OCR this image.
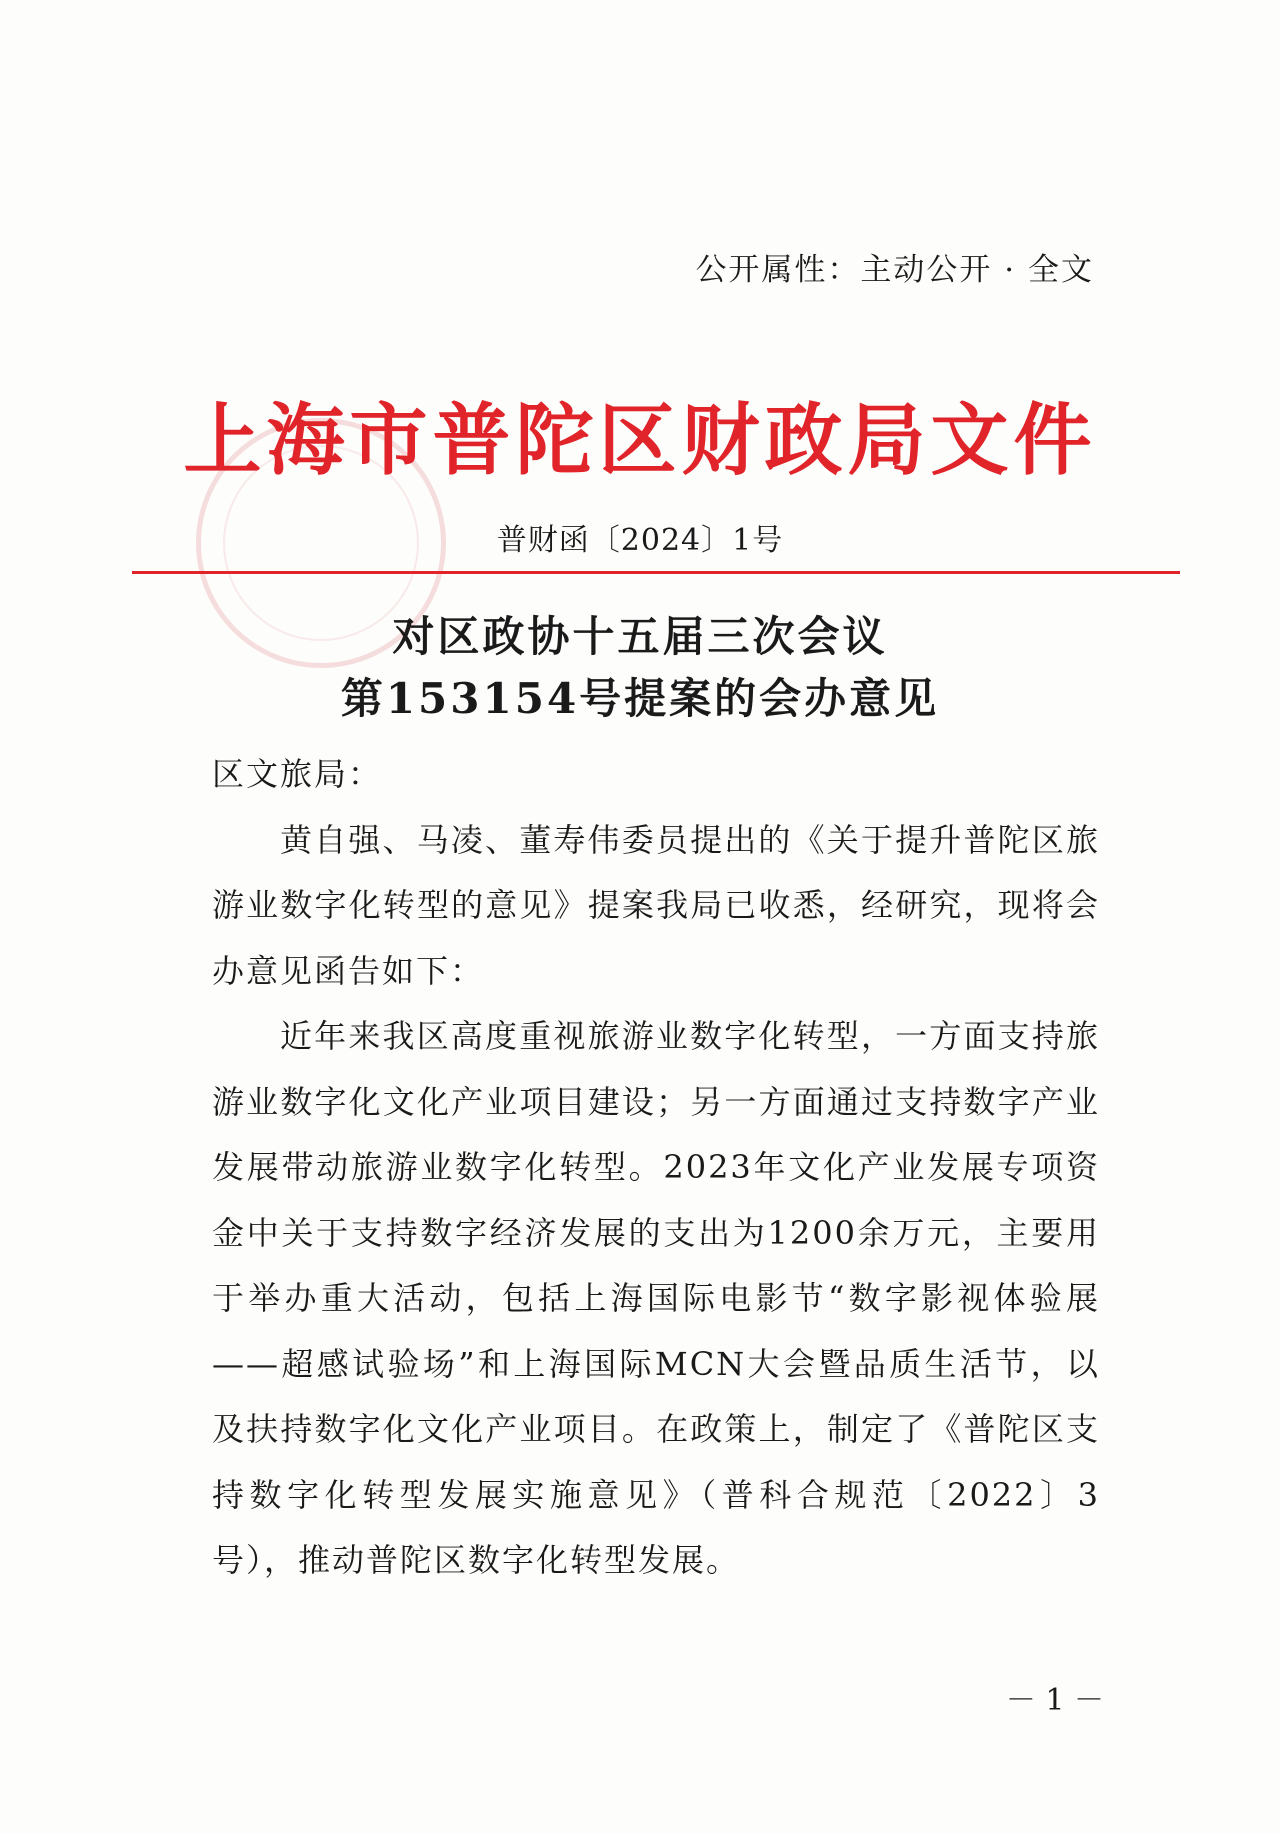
公开属性：主动公开 · 全文
上海市普陀区财政局文件
普财函〔2024〕1号
对区政协十五届三次会议
第153154号提案的会办意见

区文旅局：

黄自强、马凌、董寿伟委员提出的《关于提升普陀区旅游业数字化转型的意见》提案我局已收悉，经研究，现将会办意见函告如下：

近年来我区高度重视旅游业数字化转型，一方面支持旅游业数字化文化产业项目建设；另一方面通过支持数字产业发展带动旅游业数字化转型。2023年文化产业发展专项资金中关于支持数字经济发展的支出为1200余万元，主要用于举办重大活动，包括上海国际电影节“数字影视体验展——超感试验场”和上海国际MCN大会暨品质生活节，以及扶持数字化文化产业项目。在政策上，制定了《普陀区支持数字化转型发展实施意见》（普科合规范〔2022〕3号），推动普陀区数字化转型发展。

－ 1 －
